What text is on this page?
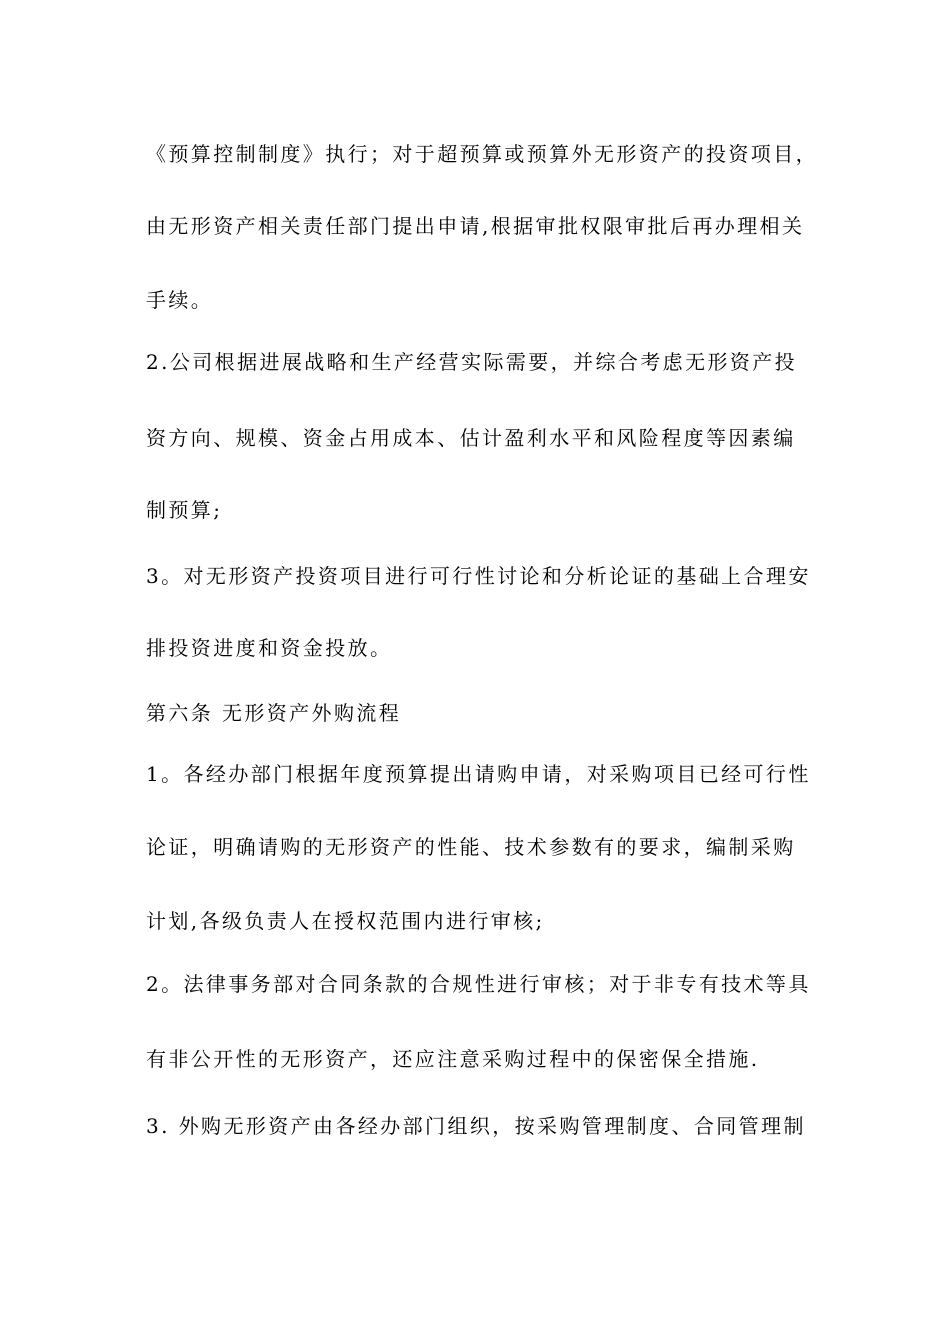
《预算控制制度》执行；对于超预算或预算外无形资产的投资项目，
由无形资产相关责任部门提出申请,根据审批权限审批后再办理相关
手续。
2.公司根据进展战略和生产经营实际需要，并综合考虑无形资产投
资方向、规模、资金占用成本、估计盈利水平和风险程度等因素编
制预算;
3。对无形资产投资项目进行可行性讨论和分析论证的基础上合理安
排投资进度和资金投放。
第六条 无形资产外购流程
1。各经办部门根据年度预算提出请购申请，对采购项目已经可行性
论证，明确请购的无形资产的性能、技术参数有的要求，编制采购
计划,各级负责人在授权范围内进行审核;
2。法律事务部对合同条款的合规性进行审核；对于非专有技术等具
有非公开性的无形资产，还应注意采购过程中的保密保全措施.
3. 外购无形资产由各经办部门组织，按采购管理制度、合同管理制
